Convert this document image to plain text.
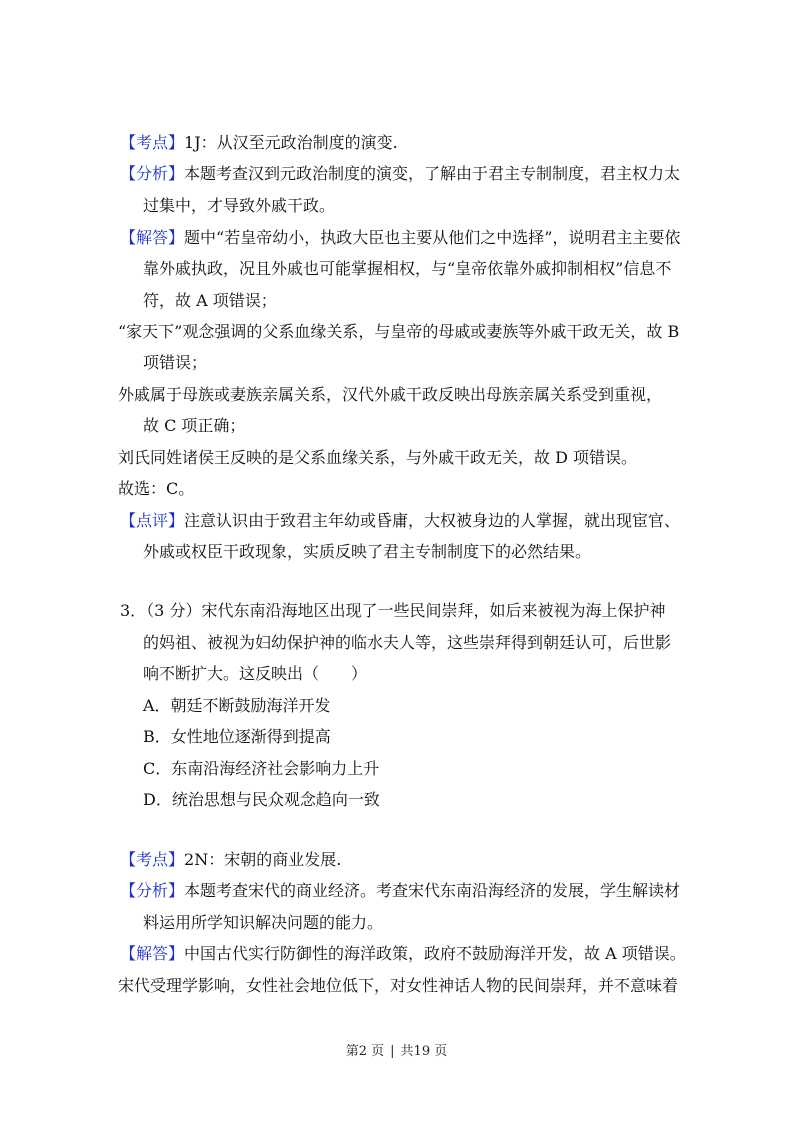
【考点】1J：从汉至元政治制度的演变.
【分析】本题考查汉到元政治制度的演变，了解由于君主专制制度，君主权力太
过集中，才导致外戚干政。
【解答】题中“若皇帝幼小，执政大臣也主要从他们之中选择”，说明君主主要依
靠外戚执政，况且外戚也可能掌握相权，与“皇帝依靠外戚抑制相权”信息不
符，故 A 项错误；
“家天下”观念强调的父系血缘关系，与皇帝的母戚或妻族等外戚干政无关，故 B
项错误；
外戚属于母族或妻族亲属关系，汉代外戚干政反映出母族亲属关系受到重视，
故 C 项正确；
刘氏同姓诸侯王反映的是父系血缘关系，与外戚干政无关，故 D 项错误。
故选：C。
【点评】注意认识由于致君主年幼或昏庸，大权被身边的人掌握，就出现宦官、
外戚或权臣干政现象，实质反映了君主专制制度下的必然结果。
3．（3 分）宋代东南沿海地区出现了一些民间崇拜，如后来被视为海上保护神
的妈祖、被视为妇幼保护神的临水夫人等，这些崇拜得到朝廷认可，后世影
响不断扩大。这反映出（　　）
A．朝廷不断鼓励海洋开发
B．女性地位逐渐得到提高
C．东南沿海经济社会影响力上升
D．统治思想与民众观念趋向一致
【考点】2N：宋朝的商业发展.
【分析】本题考查宋代的商业经济。考查宋代东南沿海经济的发展，学生解读材
料运用所学知识解决问题的能力。
【解答】中国古代实行防御性的海洋政策，政府不鼓励海洋开发，故 A 项错误。
宋代受理学影响，女性社会地位低下，对女性神话人物的民间崇拜，并不意味着
第2 页 | 共19 页
